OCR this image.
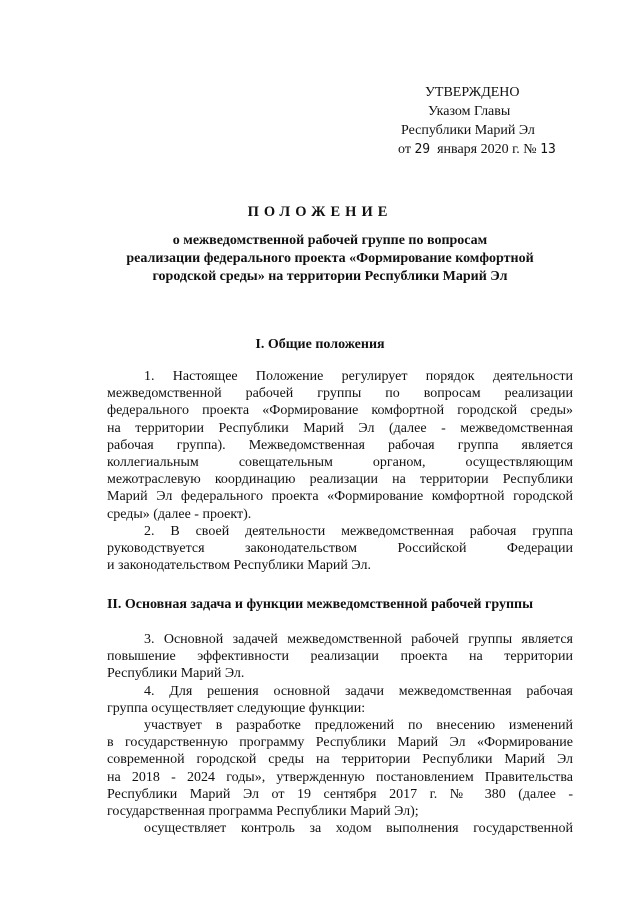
УТВЕРЖДЕНО
Указом Главы
Республики Марий Эл
от 29 января 2020 г. № 13
ПОЛОЖЕНИЕ
о межведомственной рабочей группе по вопросам
реализации федерального проекта «Формирование комфортной
городской среды» на территории Республики Марий Эл
I. Общие положения
1. Настоящее Положение регулирует порядок деятельности
межведомственной рабочей группы по вопросам реализации
федерального проекта «Формирование комфортной городской среды»
на территории Республики Марий Эл (далее - межведомственная
рабочая группа). Межведомственная рабочая группа является
коллегиальным совещательным органом, осуществляющим
межотраслевую координацию реализации на территории Республики
Марий Эл федерального проекта «Формирование комфортной городской
среды» (далее - проект).
2. В своей деятельности межведомственная рабочая группа
руководствуется законодательством Российской Федерации
и законодательством Республики Марий Эл.
II. Основная задача и функции межведомственной рабочей группы
3. Основной задачей межведомственной рабочей группы является
повышение эффективности реализации проекта на территории
Республики Марий Эл.
4. Для решения основной задачи межведомственная рабочая
группа осуществляет следующие функции:
участвует в разработке предложений по внесению изменений
в государственную программу Республики Марий Эл «Формирование
современной городской среды на территории Республики Марий Эл
на 2018 - 2024 годы», утвержденную постановлением Правительства
Республики Марий Эл от 19 сентября 2017 г. № 380 (далее -
государственная программа Республики Марий Эл);
осуществляет контроль за ходом выполнения государственной
